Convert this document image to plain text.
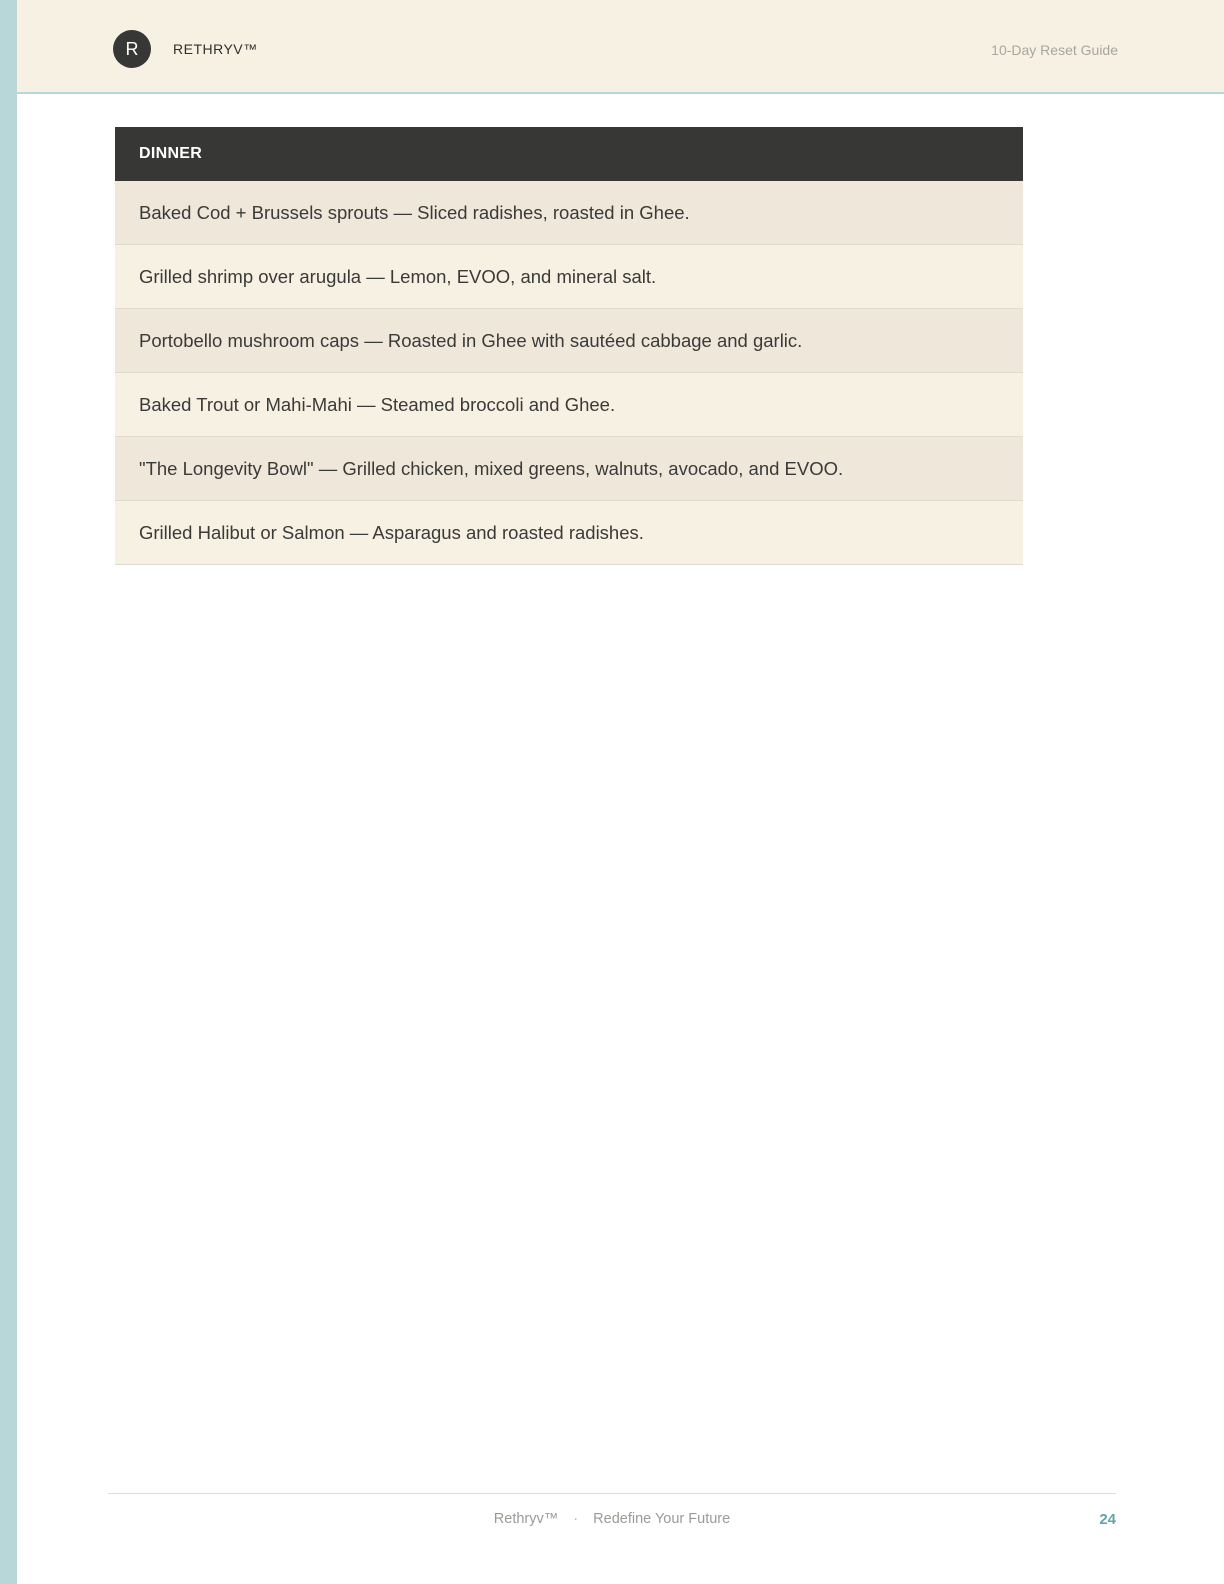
R	RETHRYV™	10-Day Reset Guide
DINNER
Baked Cod + Brussels sprouts — Sliced radishes, roasted in Ghee.
Grilled shrimp over arugula — Lemon, EVOO, and mineral salt.
Portobello mushroom caps — Roasted in Ghee with sautéed cabbage and garlic.
Baked Trout or Mahi-Mahi — Steamed broccoli and Ghee.
"The Longevity Bowl" — Grilled chicken, mixed greens, walnuts, avocado, and EVOO.
Grilled Halibut or Salmon — Asparagus and roasted radishes.
Rethryv™ · Redefine Your Future	24
